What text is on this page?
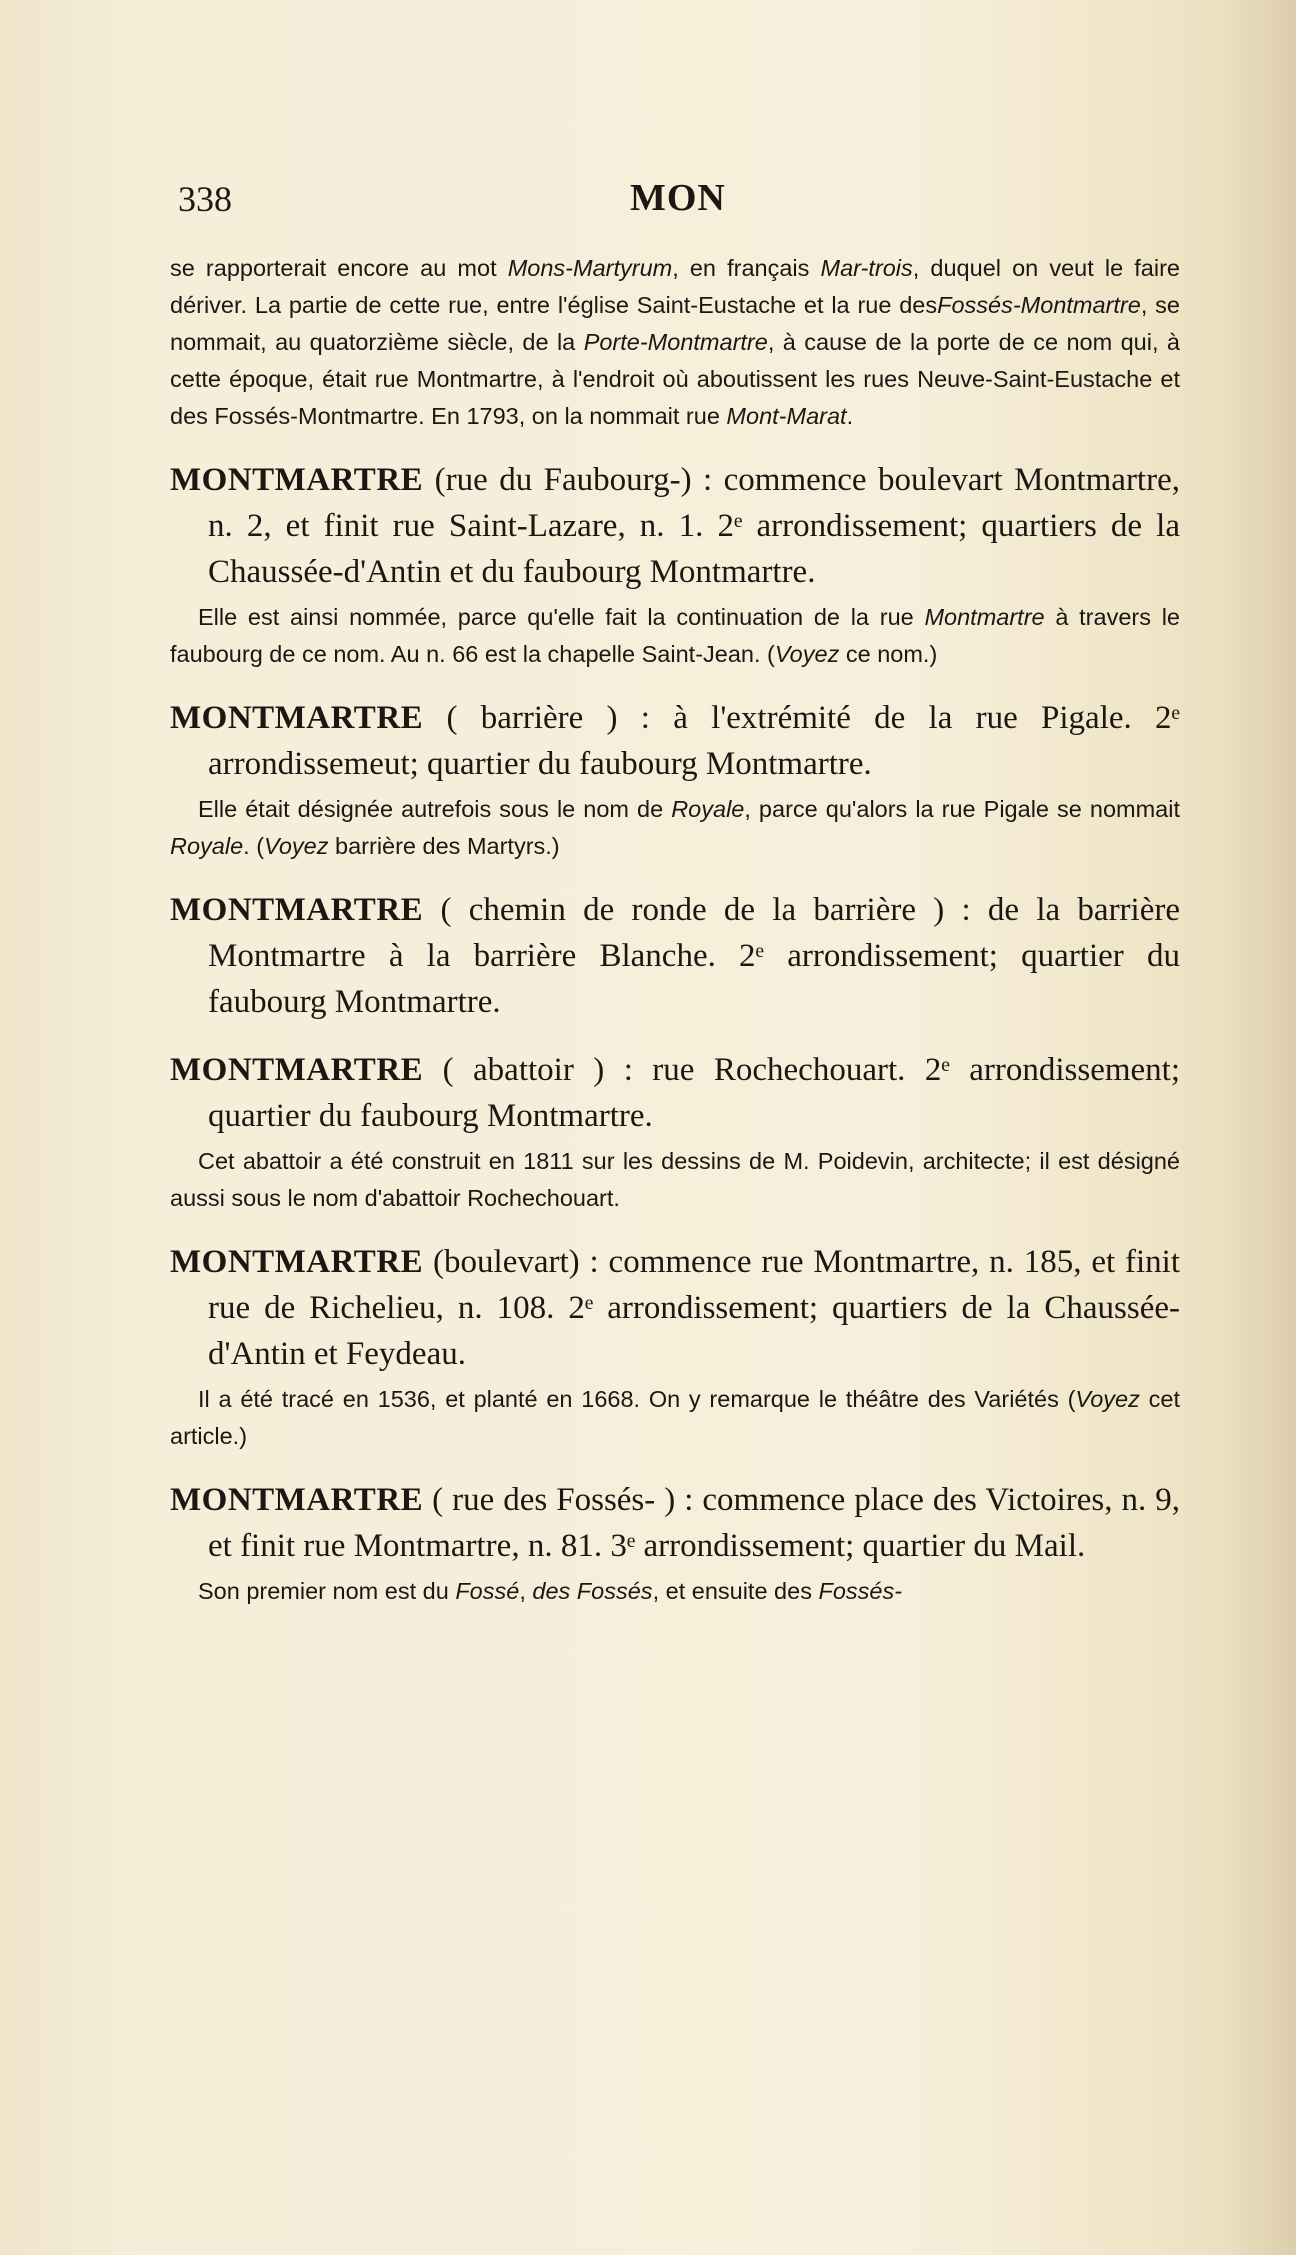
338	MON

se rapporterait encore au mot Mons-Martyrum, en français Mar-trois, duquel on veut le faire dériver. La partie de cette rue, entre l'église Saint-Eustache et la rue desFossés-Montmartre, se nommait, au quatorzième siècle, de la Porte-Montmartre, à cause de la porte de ce nom qui, à cette époque, était rue Montmartre, à l'endroit où aboutissent les rues Neuve-Saint-Eustache et des Fossés-Montmartre. En 1793, on la nommait rue Mont-Marat.

MONTMARTRE (rue du Faubourg-) : commence boulevart Montmartre, n. 2, et finit rue Saint-Lazare, n. 1. 2ᵉ arrondissement; quartiers de la Chaussée-d'Antin et du faubourg Montmartre.

Elle est ainsi nommée, parce qu'elle fait la continuation de la rue Montmartre à travers le faubourg de ce nom. Au n. 66 est la chapelle Saint-Jean. (Voyez ce nom.)

MONTMARTRE ( barrière ) : à l'extrémité de la rue Pigale. 2ᵉ arrondissemeut; quartier du faubourg Montmartre.

Elle était désignée autrefois sous le nom de Royale, parce qu'alors la rue Pigale se nommait Royale. (Voyez barrière des Martyrs.)

MONTMARTRE ( chemin de ronde de la barrière ) : de la barrière Montmartre à la barrière Blanche. 2ᵉ arrondissement; quartier du faubourg Montmartre.

MONTMARTRE ( abattoir ) : rue Rochechouart. 2ᵉ arrondissement; quartier du faubourg Montmartre.

Cet abattoir a été construit en 1811 sur les dessins de M. Poidevin, architecte; il est désigné aussi sous le nom d'abattoir Rochechouart.

MONTMARTRE (boulevart) : commence rue Montmartre, n. 185, et finit rue de Richelieu, n. 108. 2ᵉ arrondissement; quartiers de la Chaussée-d'Antin et Feydeau.

Il a été tracé en 1536, et planté en 1668. On y remarque le théâtre des Variétés (Voyez cet article.)

MONTMARTRE ( rue des Fossés- ) : commence place des Victoires, n. 9, et finit rue Montmartre, n. 81. 3ᵉ arrondissement; quartier du Mail.

Son premier nom est du Fossé, des Fossés, et ensuite des Fossés-
